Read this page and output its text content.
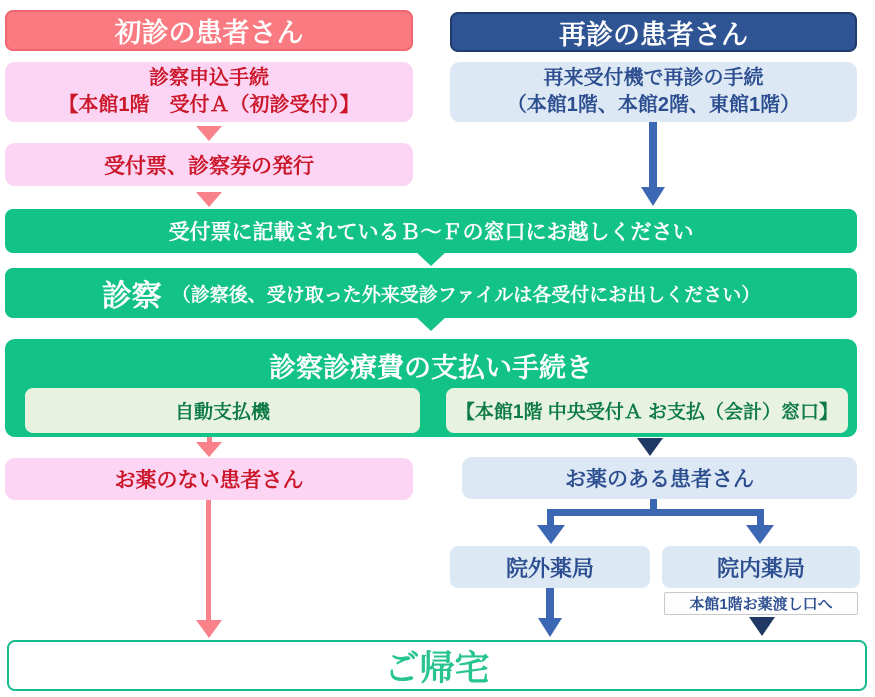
初診の患者さん	再診の患者さん
診察申込手続
【本館1階　受付Ａ（初診受付）】
再来受付機で再診の手続
（本館1階、本館2階、東館1階）
受付票、診察券の発行
受付票に記載されているＢ～Ｆの窓口にお越しください
診察 （診察後、受け取った外来受診ファイルは各受付にお出しください）
診察診療費の支払い手続き
自動支払機	【本館1階 中央受付Ａ お支払（会計）窓口】
お薬のない患者さん	お薬のある患者さん
院外薬局	院内薬局
本館1階お薬渡し口へ
ご帰宅
